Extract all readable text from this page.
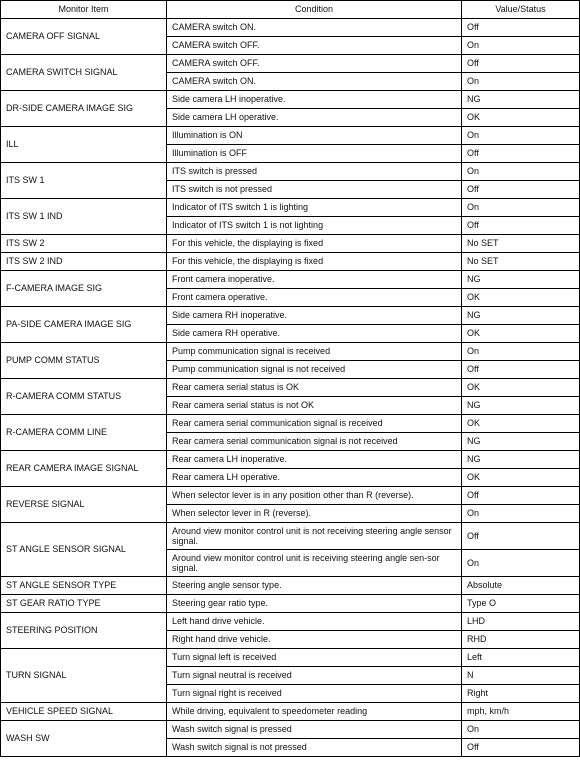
Monitor Item	Condition	Value/Status
CAMERA OFF SIGNAL	CAMERA switch ON.	Off
	CAMERA switch OFF.	On
CAMERA SWITCH SIGNAL	CAMERA switch OFF.	Off
	CAMERA switch ON.	On
DR-SIDE CAMERA IMAGE SIG	Side camera LH inoperative.	NG
	Side camera LH operative.	OK
ILL	Illumination is ON	On
	Illumination is OFF	Off
ITS SW 1	ITS switch is pressed	On
	ITS switch is not pressed	Off
ITS SW 1 IND	Indicator of ITS switch 1 is lighting	On
	Indicator of ITS switch 1 is not lighting	Off
ITS SW 2	For this vehicle, the displaying is fixed	No SET
ITS SW 2 IND	For this vehicle, the displaying is fixed	No SET
F-CAMERA IMAGE SIG	Front camera inoperative.	NG
	Front camera operative.	OK
PA-SIDE CAMERA IMAGE SIG	Side camera RH inoperative.	NG
	Side camera RH operative.	OK
PUMP COMM STATUS	Pump communication signal is received	On
	Pump communication signal is not received	Off
R-CAMERA COMM STATUS	Rear camera serial status is OK	OK
	Rear camera serial status is not OK	NG
R-CAMERA COMM LINE	Rear camera serial communication signal is received	OK
	Rear camera serial communication signal is not received	NG
REAR CAMERA IMAGE SIGNAL	Rear camera LH inoperative.	NG
	Rear camera LH operative.	OK
REVERSE SIGNAL	When selector lever is in any position other than R (reverse).	Off
	When selector lever in R (reverse).	On
ST ANGLE SENSOR SIGNAL	Around view monitor control unit is not receiving steering angle sensor signal.	Off
	Around view monitor control unit is receiving steering angle sen-sor signal.	On
ST ANGLE SENSOR TYPE	Steering angle sensor type.	Absolute
ST GEAR RATIO TYPE	Steering gear ratio type.	Type O
STEERING POSITION	Left hand drive vehicle.	LHD
	Right hand drive vehicle.	RHD
TURN SIGNAL	Turn signal left is received	Left
	Turn signal neutral is received	N
	Turn signal right is received	Right
VEHICLE SPEED SIGNAL	While driving, equivalent to speedometer reading	mph, km/h
WASH SW	Wash switch signal is pressed	On
	Wash switch signal is not pressed	Off
